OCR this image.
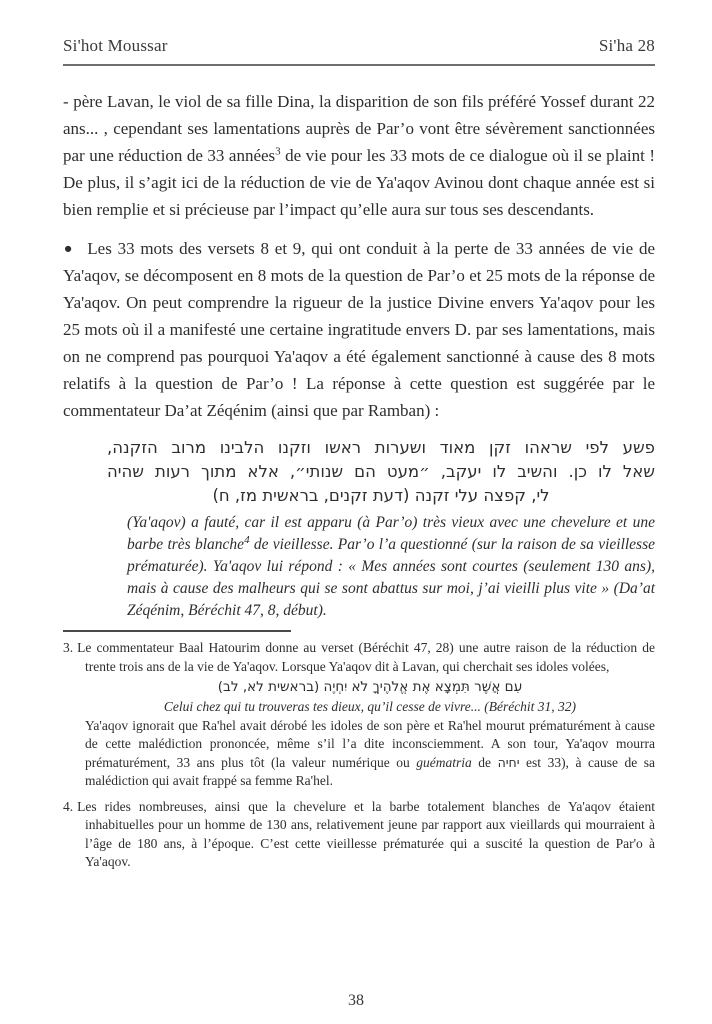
Si'hot Moussar	Si'ha 28

- père Lavan, le viol de sa fille Dina, la disparition de son fils préféré Yossef durant 22 ans... , cependant ses lamentations auprès de Par’o vont être sévèrement sanctionnées par une réduction de 33 années$^3$ de vie pour les 33 mots de ce dialogue où il se plaint ! De plus, il s’agit ici de la réduction de vie de Ya'aqov Avinou dont chaque année est si bien remplie et si précieuse par l’impact qu’elle aura sur tous ses descendants.

● Les 33 mots des versets 8 et 9, qui ont conduit à la perte de 33 années de vie de Ya'aqov, se décomposent en 8 mots de la question de Par’o et 25 mots de la réponse de Ya'aqov. On peut comprendre la rigueur de la justice Divine envers Ya'aqov pour les 25 mots où il a manifesté une certaine ingratitude envers D. par ses lamentations, mais on ne comprend pas pourquoi Ya'aqov a été également sanctionné à cause des 8 mots relatifs à la question de Par’o ! La réponse à cette question est suggérée par le commentateur Da’at Zéqénim (ainsi que par Ramban) :

פשע לפי שראהו זקן מאוד ושערות ראשו וזקנו הלבינו מרוב הזקנה,
שאל לו כן. והשיב לו יעקב, ״מעט הם שנותי״, אלא מתוך רעות שהיה
לי, קפצה עלי זקנה (דעת זקנים, בראשית מז, ח)

(Ya'aqov) a fauté, car il est apparu (à Par’o) très vieux avec une chevelure et une barbe très blanche$^4$ de vieillesse. Par’o l’a questionné (sur la raison de sa vieillesse prématurée). Ya'aqov lui répond : « Mes années sont courtes (seulement 130 ans), mais à cause des malheurs qui se sont abattus sur moi, j’ai vieilli plus vite » (Da’at Zéqénim, Béréchit 47, 8, début).

3. Le commentateur Baal Hatourim donne au verset (Béréchit 47, 28) une autre raison de la réduction de trente trois ans de la vie de Ya'aqov. Lorsque Ya'aqov dit à Lavan, qui cherchait ses idoles volées,
עִם אֲשֶׁר תִּמְצָא אֶת אֱלֹהֶיךָ לֹא יִחְיֶה (בראשית לא, לב)
Celui chez qui tu trouveras tes dieux, qu’il cesse de vivre... (Béréchit 31, 32)
Ya'aqov ignorait que Ra'hel avait dérobé les idoles de son père et Ra'hel mourut prématurément à cause de cette malédiction prononcée, même s’il l’a dite inconsciemment. A son tour, Ya'aqov mourra prématurément, 33 ans plus tôt (la valeur numérique ou guématria de יחיה est 33), à cause de sa malédiction qui avait frappé sa femme Ra'hel.
4. Les rides nombreuses, ainsi que la chevelure et la barbe totalement blanches de Ya'aqov étaient inhabituelles pour un homme de 130 ans, relativement jeune par rapport aux vieillards qui mourraient à l’âge de 180 ans, à l’époque. C’est cette vieillesse prématurée qui a suscité la question de Par'o à Ya'aqov.
38
